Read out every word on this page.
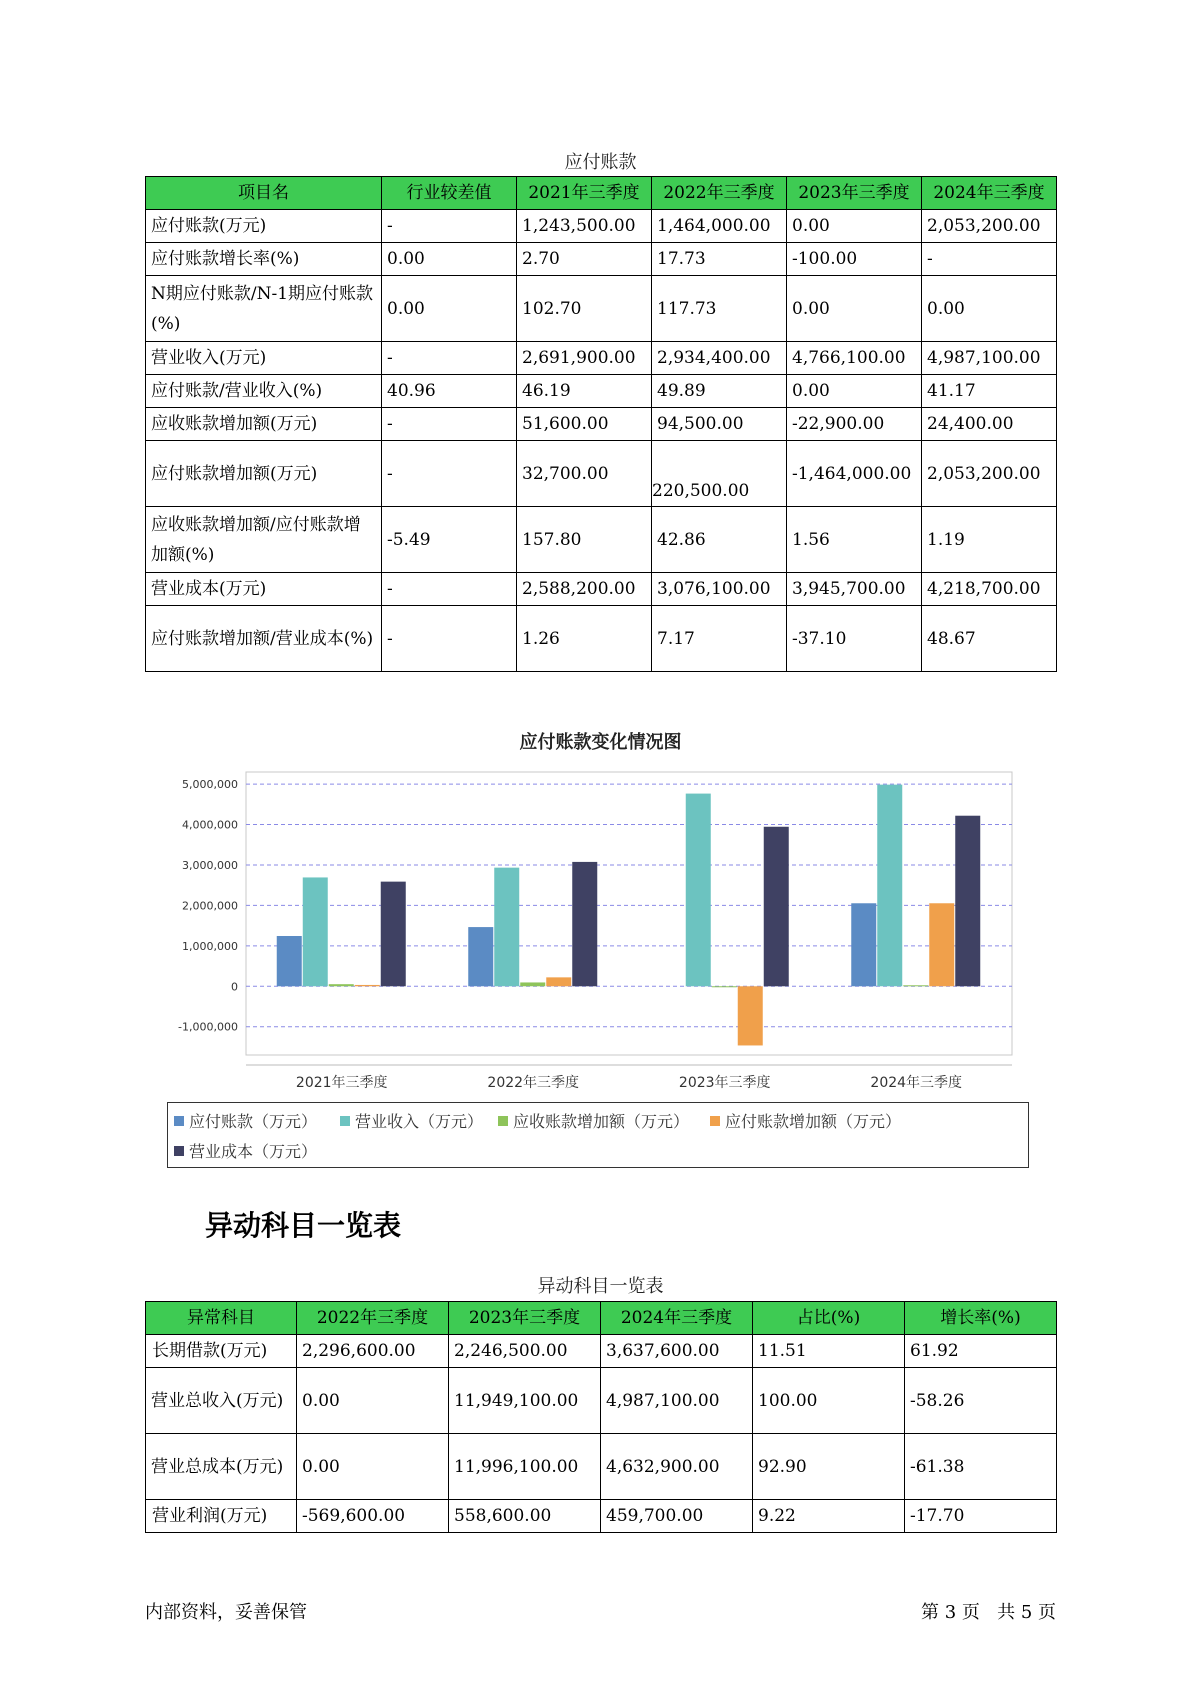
应付账款
项目名	行业较差值	2021年三季度	2022年三季度	2023年三季度	2024年三季度
应付账款(万元)	-	1,243,500.00	1,464,000.00	0.00	2,053,200.00
应付账款增长率(%)	0.00	2.70	17.73	-100.00	-
N期应付账款/N-1期应付账款(%)	0.00	102.70	117.73	0.00	0.00
营业收入(万元)	-	2,691,900.00	2,934,400.00	4,766,100.00	4,987,100.00
应付账款/营业收入(%)	40.96	46.19	49.89	0.00	41.17
应收账款增加额(万元)	-	51,600.00	94,500.00	-22,900.00	24,400.00
应付账款增加额(万元)	-	32,700.00	220,500.00	-1,464,000.00	2,053,200.00
应收账款增加额/应付账款增加额(%)	-5.49	157.80	42.86	1.56	1.19
营业成本(万元)	-	2,588,200.00	3,076,100.00	3,945,700.00	4,218,700.00
应付账款增加额/营业成本(%)	-	1.26	7.17	-37.10	48.67
应付账款变化情况图
5,000,000
4,000,000
3,000,000
2,000,000
1,000,000
0
-1,000,000
2021年三季度	2022年三季度	2023年三季度	2024年三季度
应付账款（万元） 营业收入（万元） 应收账款增加额（万元） 应付账款增加额（万元）
营业成本（万元）
异动科目一览表
异动科目一览表
异常科目	2022年三季度	2023年三季度	2024年三季度	占比(%)	增长率(%)
长期借款(万元)	2,296,600.00	2,246,500.00	3,637,600.00	11.51	61.92
营业总收入(万元)	0.00	11,949,100.00	4,987,100.00	100.00	-58.26
营业总成本(万元)	0.00	11,996,100.00	4,632,900.00	92.90	-61.38
营业利润(万元)	-569,600.00	558,600.00	459,700.00	9.22	-17.70
内部资料，妥善保管	第 3 页   共 5 页
